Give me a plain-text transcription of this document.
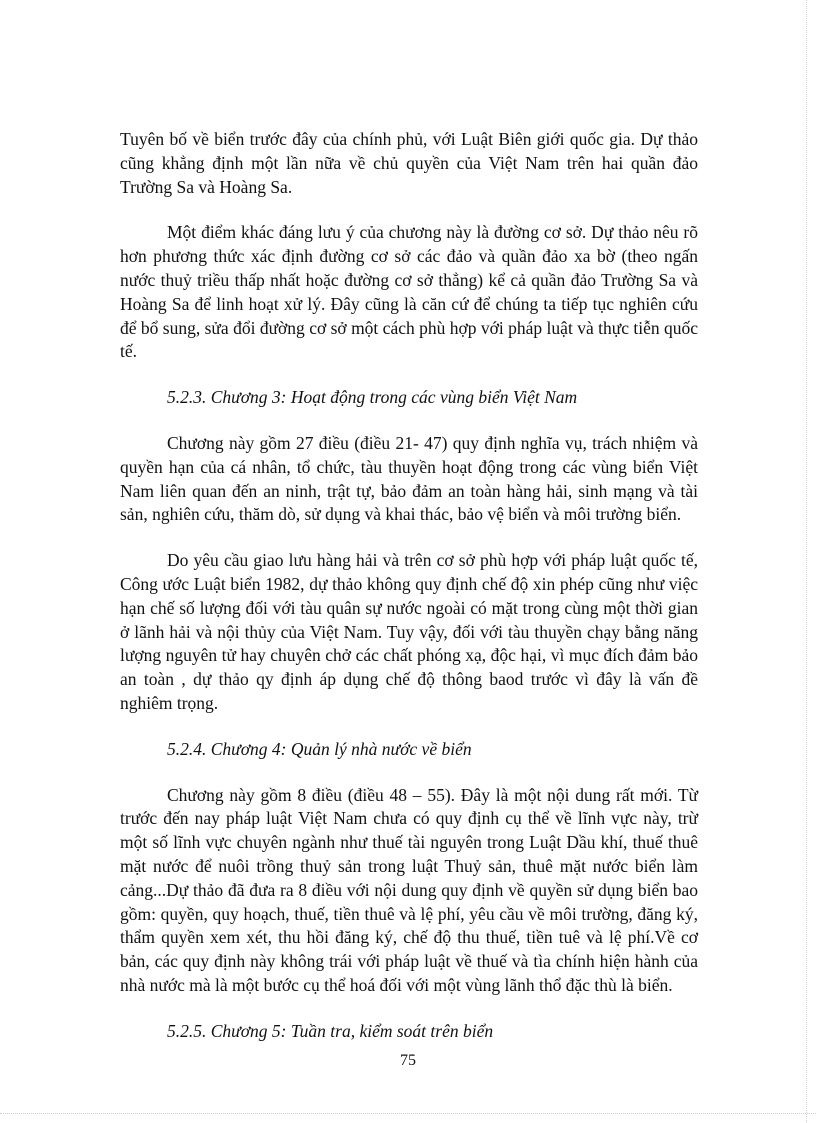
Tuyên bố về biển trước đây của chính phủ, với Luật Biên giới quốc gia. Dự thảo cũng khẳng định một lần nữa về chủ quyền của Việt Nam trên hai quần đảo Trường Sa và Hoàng Sa.

Một điểm khác đáng lưu ý của chương này là đường cơ sở. Dự thảo nêu rõ hơn phương thức xác định đường cơ sở các đảo và quần đảo xa bờ (theo ngấn nước thuỷ triều thấp nhất hoặc đường cơ sở thẳng) kể cả quần đảo Trường Sa và Hoàng Sa để linh hoạt xử lý. Đây cũng là căn cứ để chúng ta tiếp tục nghiên cứu để bổ sung, sửa đổi đường cơ sở một cách phù hợp với pháp luật và thực tiễn quốc tế.

5.2.3. Chương 3: Hoạt động trong các vùng biển Việt Nam

Chương này gồm 27 điều (điều 21- 47) quy định nghĩa vụ, trách nhiệm và quyền hạn của cá nhân, tổ chức, tàu thuyền hoạt động trong các vùng biển Việt Nam liên quan đến an ninh, trật tự, bảo đảm an toàn hàng hải, sinh mạng và tài sản, nghiên cứu, thăm dò, sử dụng và khai thác, bảo vệ biển và môi trường biển.

Do yêu cầu giao lưu hàng hải và trên cơ sở phù hợp với pháp luật quốc tế, Công ước Luật biển 1982, dự thảo không quy định chế độ xin phép cũng như việc hạn chế số lượng đối với tàu quân sự nước ngoài có mặt trong cùng một thời gian ở lãnh hải và nội thủy của Việt Nam. Tuy vậy, đối với tàu thuyền chạy bằng năng lượng nguyên tử hay chuyên chở các chất phóng xạ, độc hại, vì mục đích đảm bảo an toàn , dự thảo qy định áp dụng chế độ thông baod trước vì đây là vấn đề nghiêm trọng.

5.2.4. Chương 4: Quản lý nhà nước về biển

Chương này gồm 8 điều (điều 48 – 55). Đây là một nội dung rất mới. Từ trước đến nay pháp luật Việt Nam chưa có quy định cụ thể về lĩnh vực này, trừ một số lĩnh vực chuyên ngành như thuế tài nguyên trong Luật Dầu khí, thuế thuê mặt nước để nuôi trồng thuỷ sản trong luật Thuỷ sản, thuê mặt nước biển làm cảng...Dự thảo đã đưa ra 8 điều với nội dung quy định về quyền sử dụng biển bao gồm: quyền, quy hoạch, thuế, tiền thuê và lệ phí, yêu cầu về môi trường, đăng ký, thẩm quyền xem xét, thu hồi đăng ký, chế độ thu thuế, tiền tuê và lệ phí.Về cơ bản, các quy định này không trái với pháp luật về thuế và tìa chính hiện hành của nhà nước mà là một bước cụ thể hoá đối với một vùng lãnh thổ đặc thù là biển.

5.2.5. Chương 5: Tuần tra, kiểm soát trên biển
75
